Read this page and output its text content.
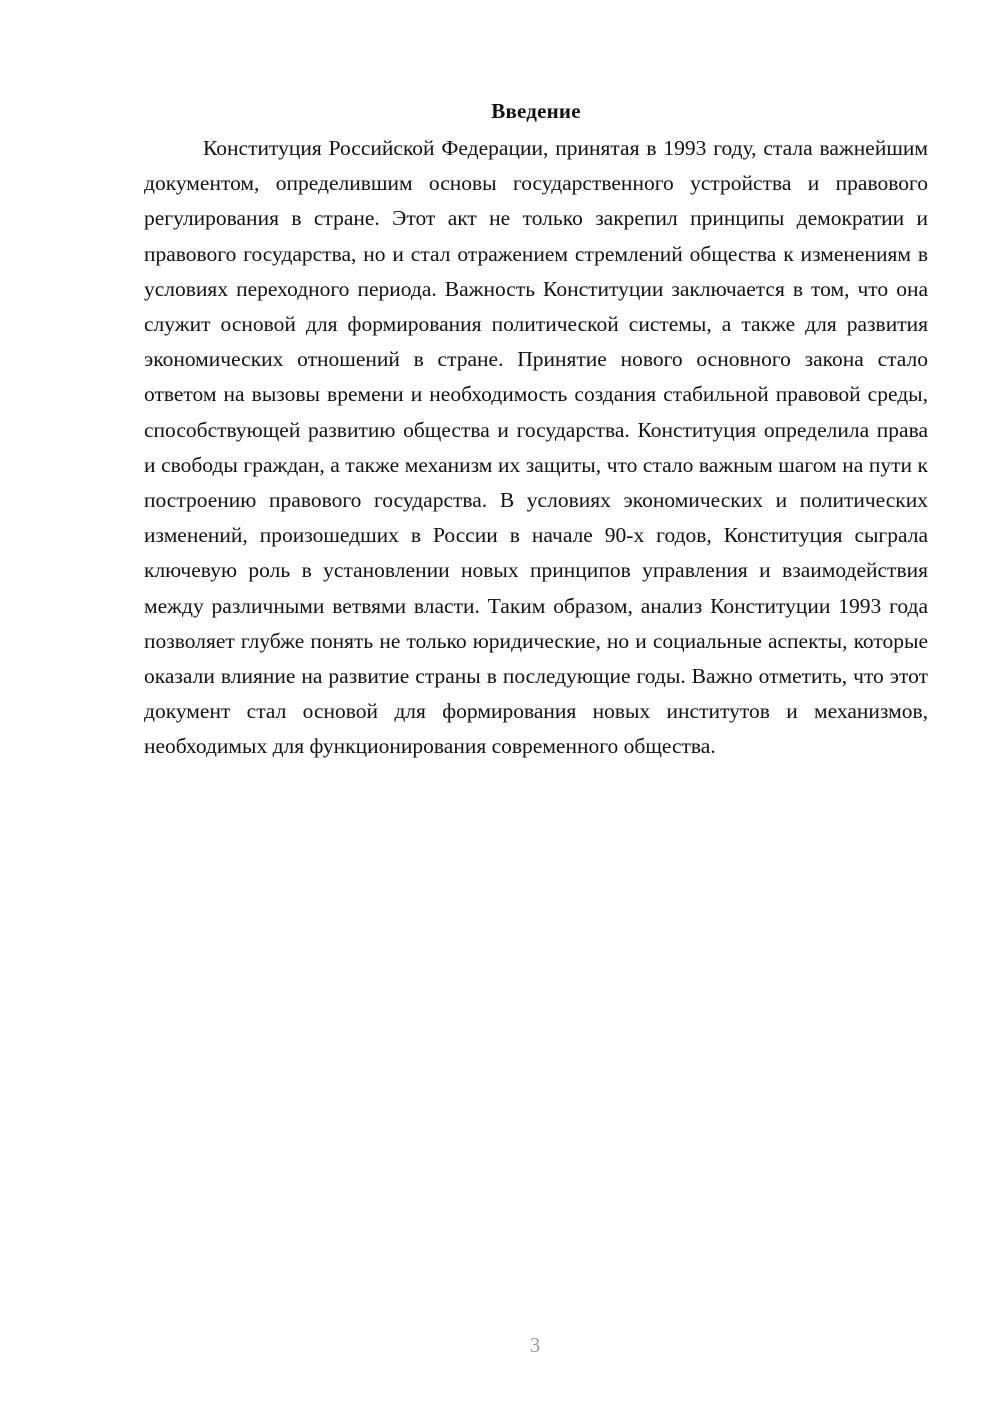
Введение

Конституция Российской Федерации, принятая в 1993 году, стала важнейшим документом, определившим основы государственного устройства и правового регулирования в стране. Этот акт не только закрепил принципы демократии и правового государства, но и стал отражением стремлений общества к изменениям в условиях переходного периода. Важность Конституции заключается в том, что она служит основой для формирования политической системы, а также для развития экономических отношений в стране. Принятие нового основного закона стало ответом на вызовы времени и необходимость создания стабильной правовой среды, способствующей развитию общества и государства. Конституция определила права и свободы граждан, а также механизм их защиты, что стало важным шагом на пути к построению правового государства. В условиях экономических и политических изменений, произошедших в России в начале 90-х годов, Конституция сыграла ключевую роль в установлении новых принципов управления и взаимодействия между различными ветвями власти. Таким образом, анализ Конституции 1993 года позволяет глубже понять не только юридические, но и социальные аспекты, которые оказали влияние на развитие страны в последующие годы. Важно отметить, что этот документ стал основой для формирования новых институтов и механизмов, необходимых для функционирования современного общества.

3
